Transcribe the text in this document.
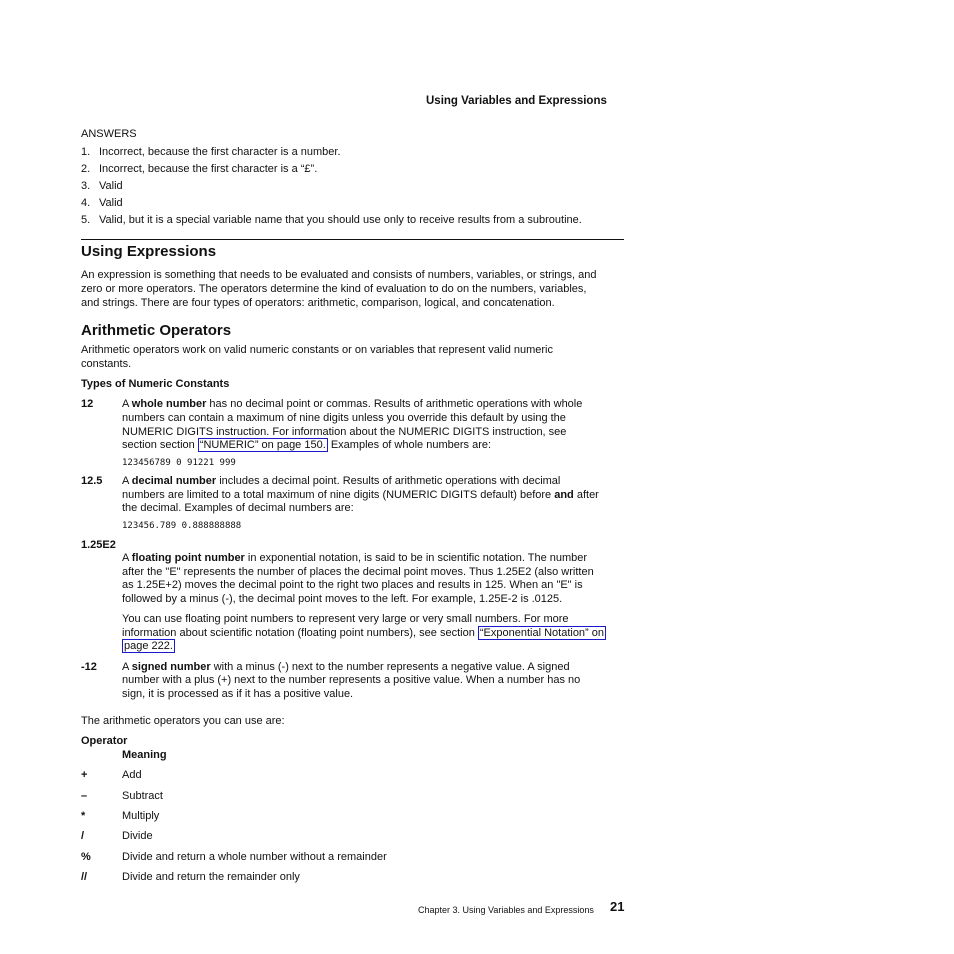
Using Variables and Expressions
ANSWERS
1. Incorrect, because the first character is a number.
2. Incorrect, because the first character is a “£”.
3. Valid
4. Valid
5. Valid, but it is a special variable name that you should use only to receive results from a subroutine.
Using Expressions
An expression is something that needs to be evaluated and consists of numbers, variables, or strings, and
zero or more operators. The operators determine the kind of evaluation to do on the numbers, variables,
and strings. There are four types of operators: arithmetic, comparison, logical, and concatenation.
Arithmetic Operators
Arithmetic operators work on valid numeric constants or on variables that represent valid numeric
constants.
Types of Numeric Constants
12	A whole number has no decimal point or commas. Results of arithmetic operations with whole
numbers can contain a maximum of nine digits unless you override this default by using the
NUMERIC DIGITS instruction. For information about the NUMERIC DIGITS instruction, see
section section “NUMERIC” on page 150. Examples of whole numbers are:
123456789 0 91221 999
12.5 A decimal number includes a decimal point. Results of arithmetic operations with decimal
numbers are limited to a total maximum of nine digits (NUMERIC DIGITS default) before and after
the decimal. Examples of decimal numbers are:
123456.789 0.888888888
1.25E2
A floating point number in exponential notation, is said to be in scientific notation. The number
after the "E" represents the number of places the decimal point moves. Thus 1.25E2 (also written
as 1.25E+2) moves the decimal point to the right two places and results in 125. When an "E" is
followed by a minus (-), the decimal point moves to the left. For example, 1.25E-2 is .0125.
You can use floating point numbers to represent very large or very small numbers. For more
information about scientific notation (floating point numbers), see section “Exponential Notation” on
page 222.
-12 A signed number with a minus (-) next to the number represents a negative value. A signed
number with a plus (+) next to the number represents a positive value. When a number has no
sign, it is processed as if it has a positive value.
The arithmetic operators you can use are:
Operator
Meaning
+	Add
–	Subtract
*	Multiply
/	Divide
%	Divide and return a whole number without a remainder
//	Divide and return the remainder only
Chapter 3. Using Variables and Expressions 21
